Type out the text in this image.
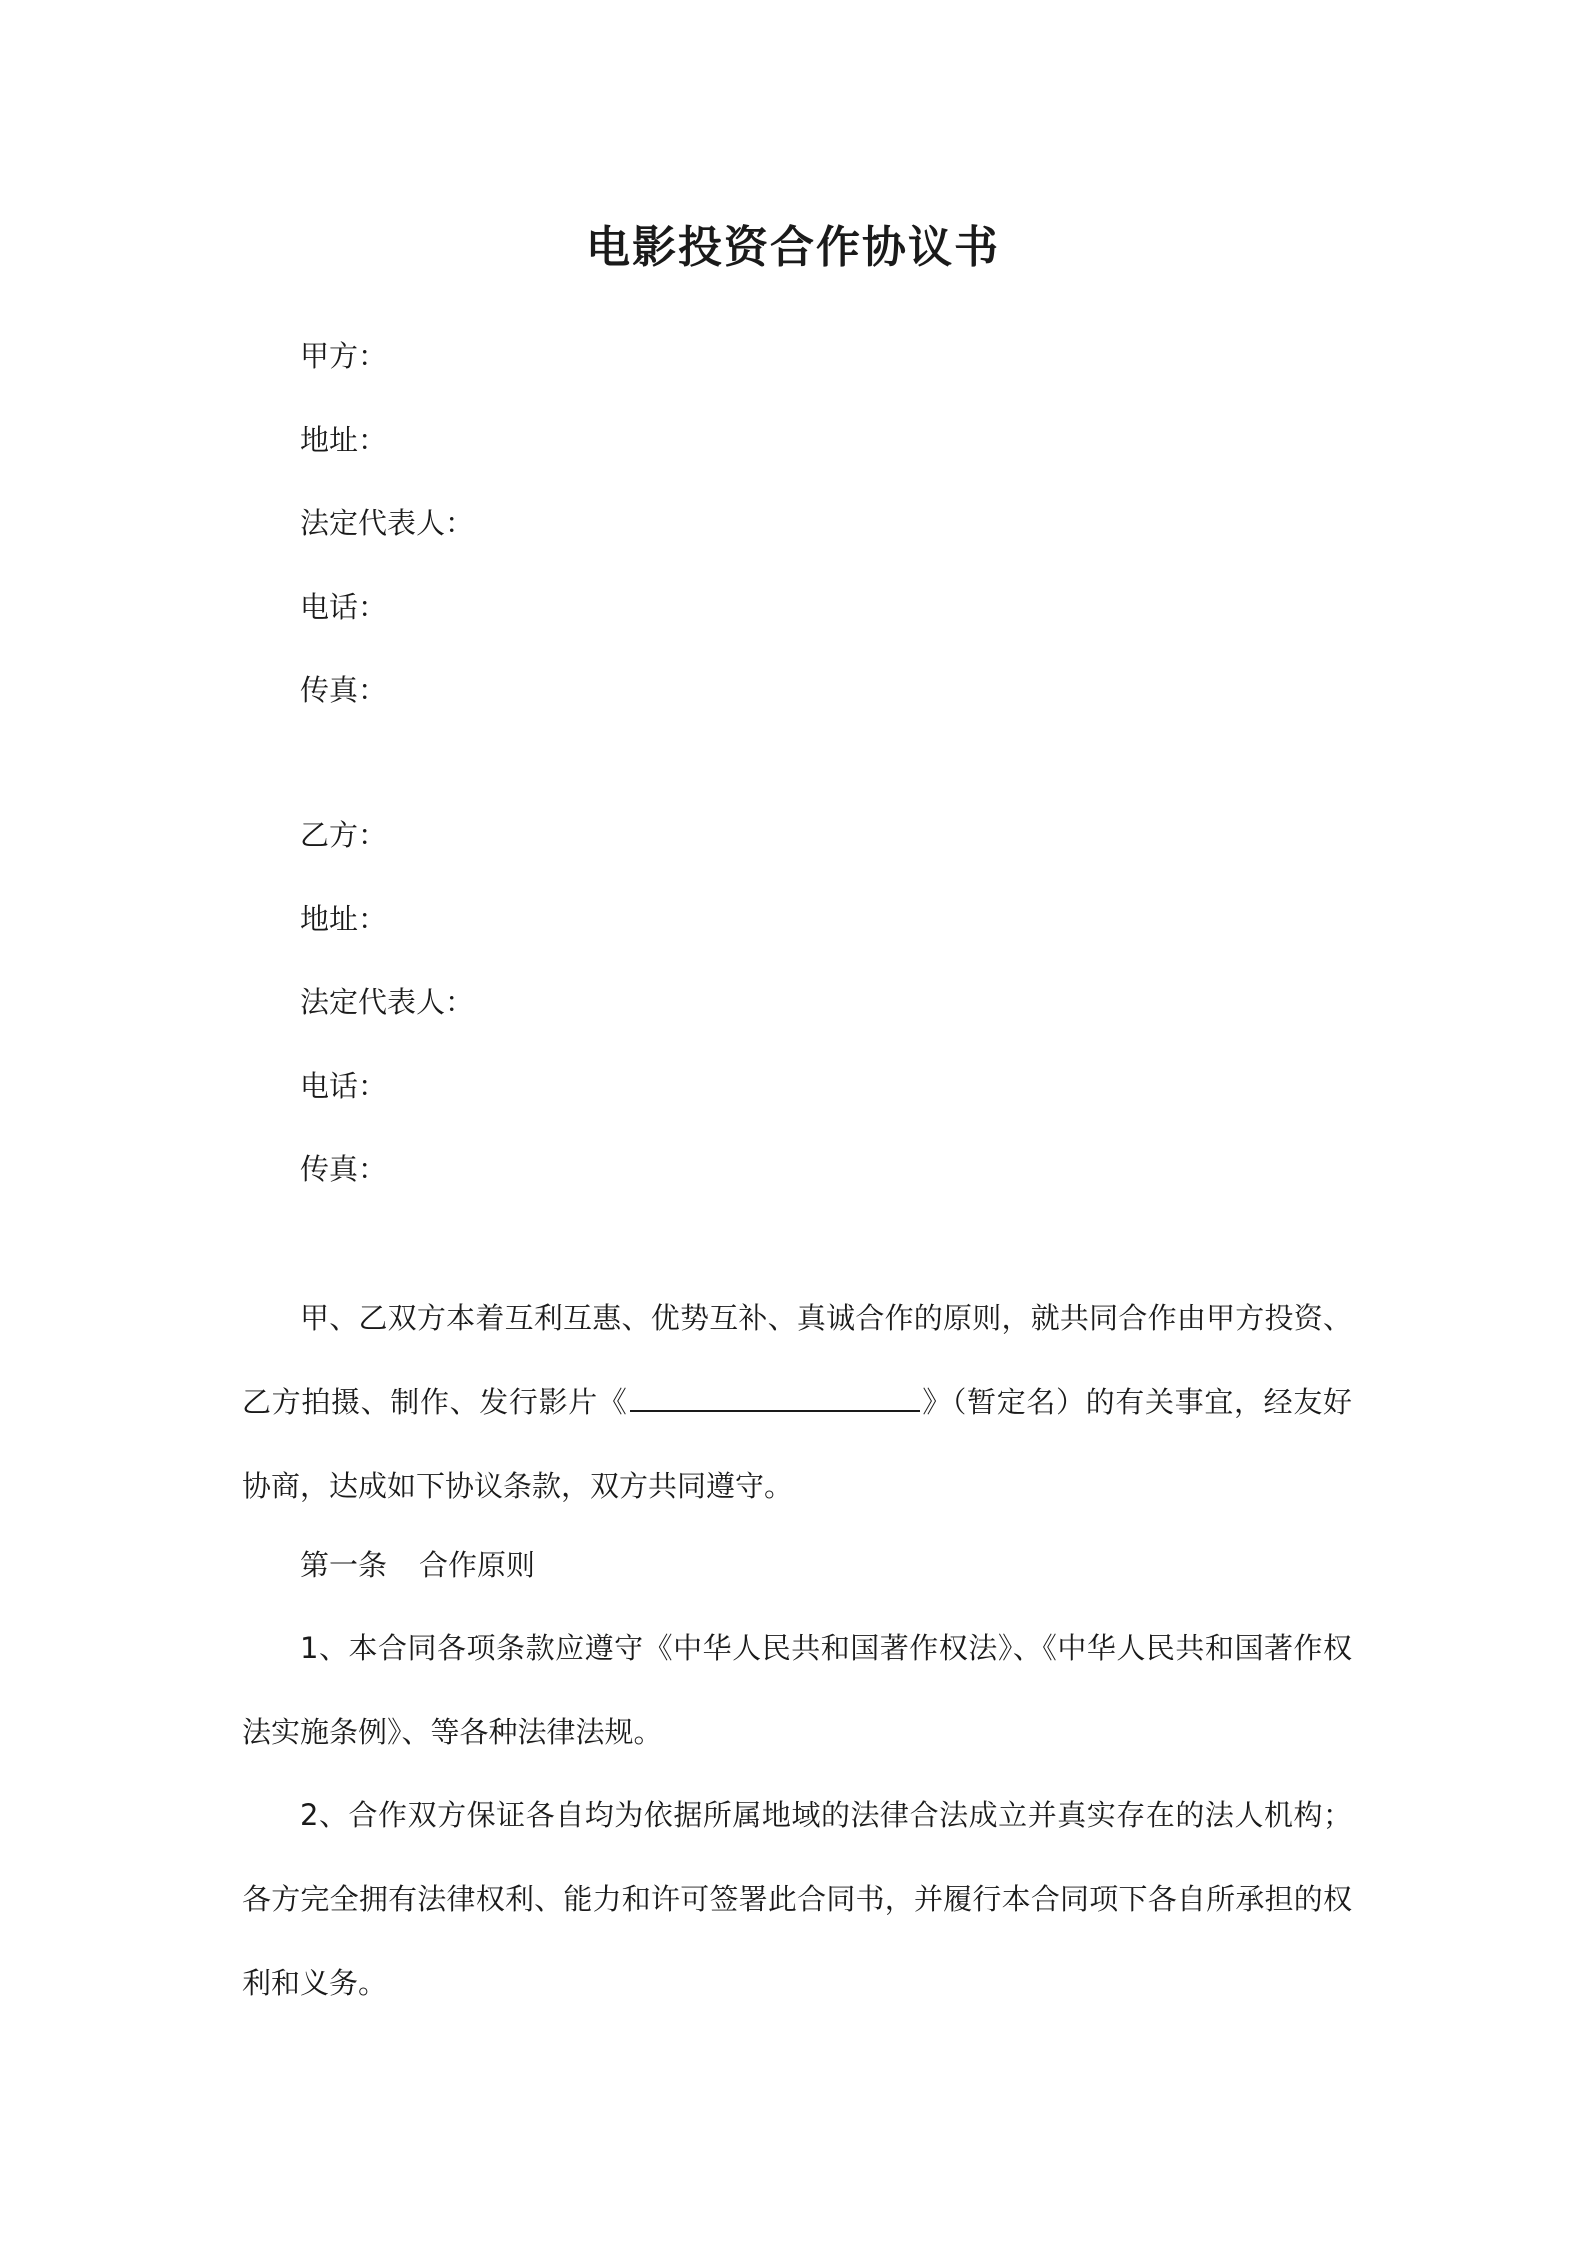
电影投资合作协议书
甲方：
地址：
法定代表人：
电话：
传真：
乙方：
地址：
法定代表人：
电话：
传真：
甲、乙双方本着互利互惠、优势互补、真诚合作的原则，就共同合作由甲方投资、乙方拍摄、制作、发行影片《	》（暂定名）的有关事宜，经友好协商，达成如下协议条款，双方共同遵守。
第一条 合作原则
1、本合同各项条款应遵守《中华人民共和国著作权法》、《中华人民共和国著作权法实施条例》、等各种法律法规。
2、合作双方保证各自均为依据所属地域的法律合法成立并真实存在的法人机构；各方完全拥有法律权利、能力和许可签署此合同书，并履行本合同项下各自所承担的权利和义务。
